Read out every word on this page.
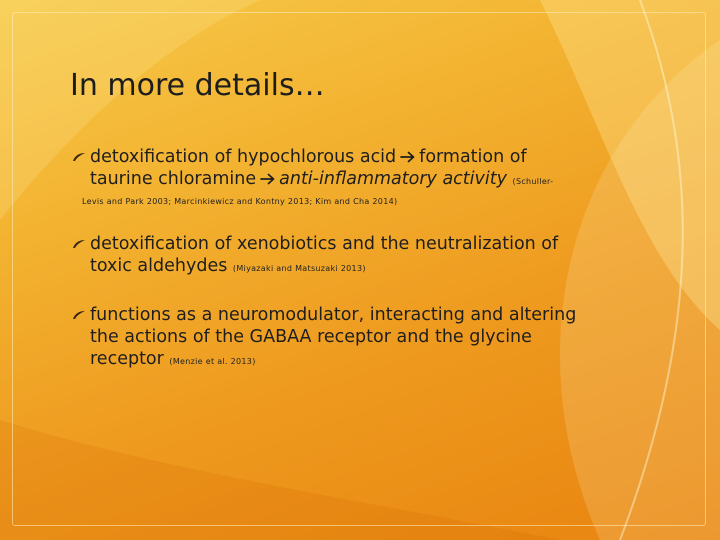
In more details…
detoxification of hypochlorous acid formation of
taurine chloramine anti-inflammatory activity (Schuller-
Levis and Park 2003; Marcinkiewicz and Kontny 2013; Kim and Cha 2014)
detoxification of xenobiotics and the neutralization of
toxic aldehydes (Miyazaki and Matsuzaki 2013)
functions as a neuromodulator, interacting and altering
the actions of the GABAA receptor and the glycine
receptor (Menzie et al. 2013)
